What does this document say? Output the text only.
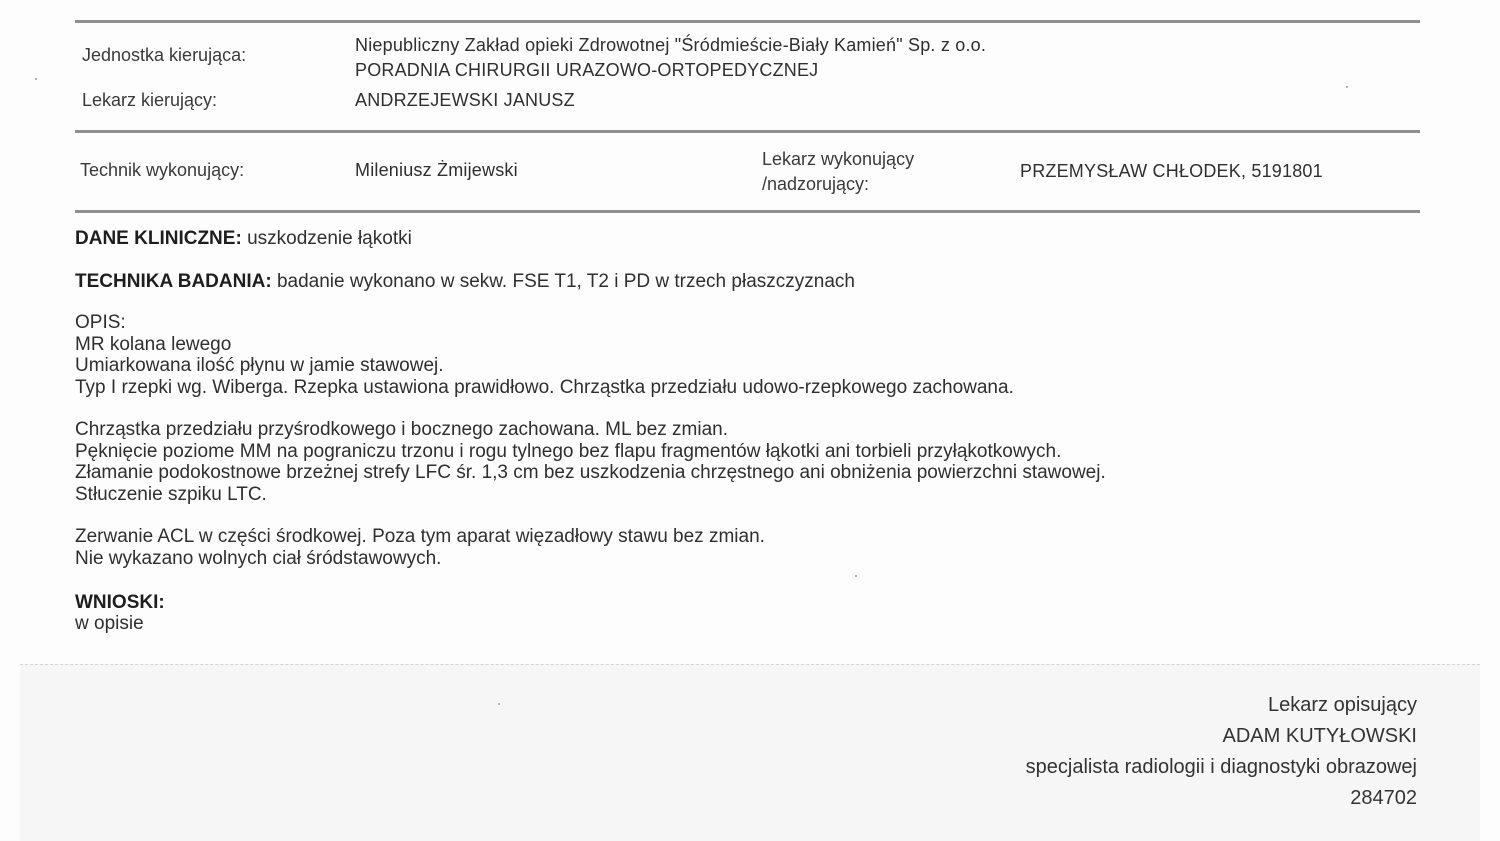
Jednostka kierująca:	Niepubliczny Zakład opieki Zdrowotnej "Śródmieście-Biały Kamień" Sp. z o.o.
PORADNIA CHIRURGII URAZOWO-ORTOPEDYCZNEJ
Lekarz kierujący:	ANDRZEJEWSKI JANUSZ
Technik wykonujący:	Mileniusz Żmijewski
Lekarz wykonujący
/nadzorujący:
PRZEMYSŁAW CHŁODEK, 5191801
DANE KLINICZNE: uszkodzenie łąkotki
TECHNIKA BADANIA: badanie wykonano w sekw. FSE T1, T2 i PD w trzech płaszczyznach
OPIS:
MR kolana lewego
Umiarkowana ilość płynu w jamie stawowej.
Typ I rzepki wg. Wiberga. Rzepka ustawiona prawidłowo. Chrząstka przedziału udowo-rzepkowego zachowana.
Chrząstka przedziału przyśrodkowego i bocznego zachowana. ML bez zmian.
Pęknięcie poziome MM na pograniczu trzonu i rogu tylnego bez flapu fragmentów łąkotki ani torbieli przyłąkotkowych.
Złamanie podokostnowe brzeżnej strefy LFC śr. 1,3 cm bez uszkodzenia chrzęstnego ani obniżenia powierzchni stawowej.
Stłuczenie szpiku LTC.
Zerwanie ACL w części środkowej. Poza tym aparat więzadłowy stawu bez zmian.
Nie wykazano wolnych ciał śródstawowych.
WNIOSKI:
w opisie
Lekarz opisujący
ADAM KUTYŁOWSKI
specjalista radiologii i diagnostyki obrazowej
284702
